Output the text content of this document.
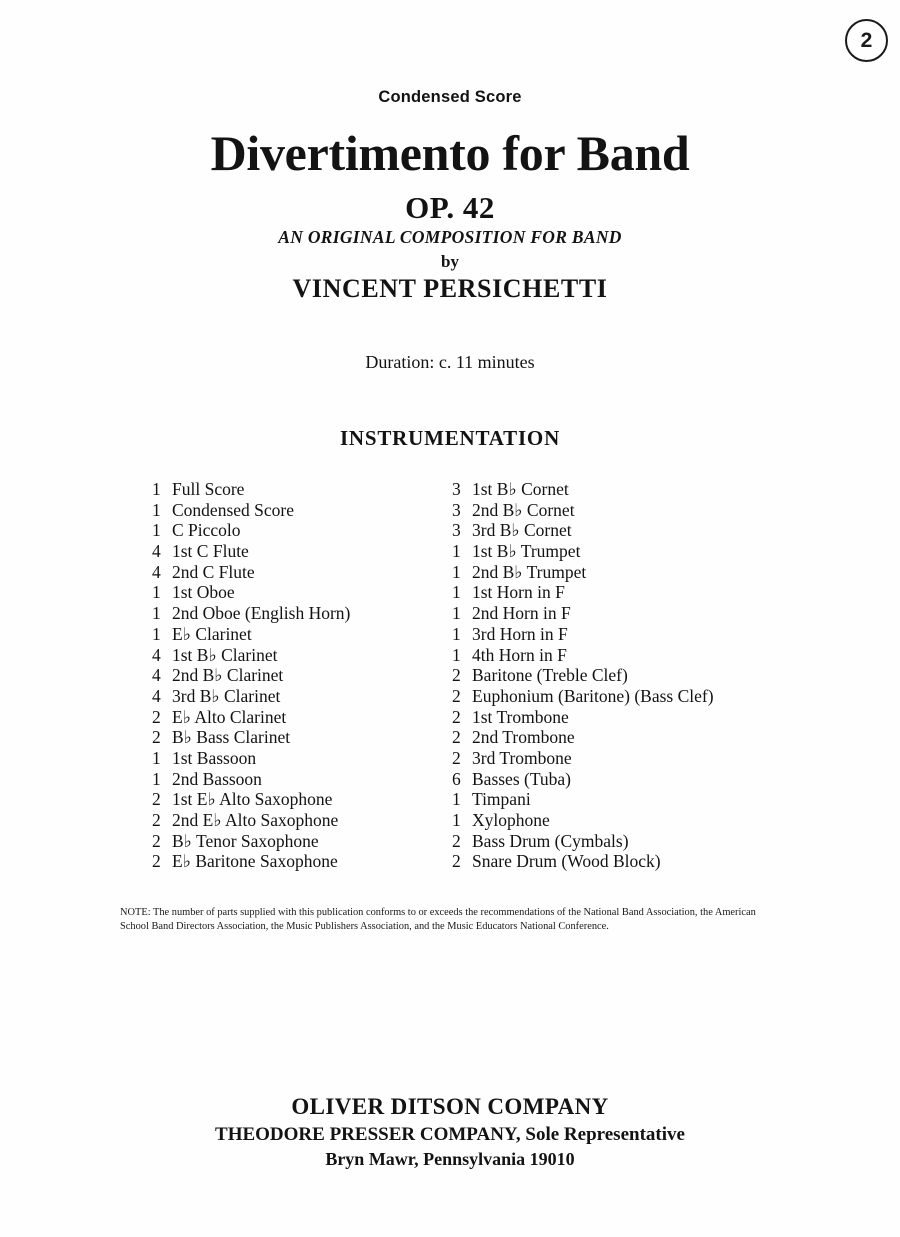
2
Condensed Score
Divertimento for Band
OP. 42
AN ORIGINAL COMPOSITION FOR BAND
by
VINCENT PERSICHETTI
Duration: c. 11 minutes
INSTRUMENTATION
1 Full Score
1 Condensed Score
1 C Piccolo
4 1st C Flute
4 2nd C Flute
1 1st Oboe
1 2nd Oboe (English Horn)
1 E♭ Clarinet
4 1st B♭ Clarinet
4 2nd B♭ Clarinet
4 3rd B♭ Clarinet
2 E♭ Alto Clarinet
2 B♭ Bass Clarinet
1 1st Bassoon
1 2nd Bassoon
2 1st E♭ Alto Saxophone
2 2nd E♭ Alto Saxophone
2 B♭ Tenor Saxophone
2 E♭ Baritone Saxophone
3 1st B♭ Cornet
3 2nd B♭ Cornet
3 3rd B♭ Cornet
1 1st B♭ Trumpet
1 2nd B♭ Trumpet
1 1st Horn in F
1 2nd Horn in F
1 3rd Horn in F
1 4th Horn in F
2 Baritone (Treble Clef)
2 Euphonium (Baritone) (Bass Clef)
2 1st Trombone
2 2nd Trombone
2 3rd Trombone
6 Basses (Tuba)
1 Timpani
1 Xylophone
2 Bass Drum (Cymbals)
2 Snare Drum (Wood Block)
NOTE: The number of parts supplied with this publication conforms to or exceeds the recommendations of the National Band Association, the American School Band Directors Association, the Music Publishers Association, and the Music Educators National Conference.
OLIVER DITSON COMPANY
THEODORE PRESSER COMPANY, Sole Representative
Bryn Mawr, Pennsylvania 19010
